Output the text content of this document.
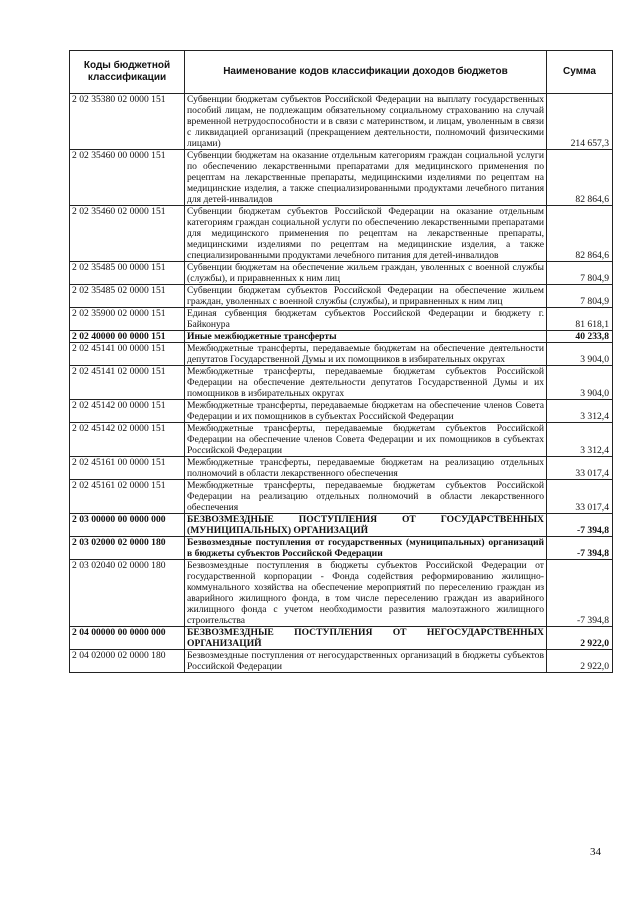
Коды бюджетной классификации	Наименование кодов классификации доходов бюджетов	Сумма
2 02 35380 02 0000 151	Субвенции бюджетам субъектов Российской Федерации на выплату государственных пособий лицам, не подлежащим обязательному социальному страхованию на случай временной нетрудоспособности и в связи с материнством, и лицам, уволенным в связи с ликвидацией организаций (прекращением деятельности, полномочий физическими лицами)	214 657,3
2 02 35460 00 0000 151	Субвенции бюджетам на оказание отдельным категориям граждан социальной услуги по обеспечению лекарственными препаратами для медицинского применения по рецептам на лекарственные препараты, медицинскими изделиями по рецептам на медицинские изделия, а также специализированными продуктами лечебного питания для детей-инвалидов	82 864,6
2 02 35460 02 0000 151	Субвенции бюджетам субъектов Российской Федерации на оказание отдельным категориям граждан социальной услуги по обеспечению лекарственными препаратами для медицинского применения по рецептам на лекарственные препараты, медицинскими изделиями по рецептам на медицинские изделия, а также специализированными продуктами лечебного питания для детей-инвалидов	82 864,6
2 02 35485 00 0000 151	Субвенции бюджетам на обеспечение жильем граждан, уволенных с военной службы (службы), и приравненных к ним лиц	7 804,9
2 02 35485 02 0000 151	Субвенции бюджетам субъектов Российской Федерации на обеспечение жильем граждан, уволенных с военной службы (службы), и приравненных к ним лиц	7 804,9
2 02 35900 02 0000 151	Единая субвенция бюджетам субъектов Российской Федерации и бюджету г. Байконура	81 618,1
2 02 40000 00 0000 151	Иные межбюджетные трансферты	40 233,8
2 02 45141 00 0000 151	Межбюджетные трансферты, передаваемые бюджетам на обеспечение деятельности депутатов Государственной Думы и их помощников в избирательных округах	3 904,0
2 02 45141 02 0000 151	Межбюджетные трансферты, передаваемые бюджетам субъектов Российской Федерации на обеспечение деятельности депутатов Государственной Думы и их помощников в избирательных округах	3 904,0
2 02 45142 00 0000 151	Межбюджетные трансферты, передаваемые бюджетам на обеспечение членов Совета Федерации и их помощников в субъектах Российской Федерации	3 312,4
2 02 45142 02 0000 151	Межбюджетные трансферты, передаваемые бюджетам субъектов Российской Федерации на обеспечение членов Совета Федерации и их помощников в субъектах Российской Федерации	3 312,4
2 02 45161 00 0000 151	Межбюджетные трансферты, передаваемые бюджетам на реализацию отдельных полномочий в области лекарственного обеспечения	33 017,4
2 02 45161 02 0000 151	Межбюджетные трансферты, передаваемые бюджетам субъектов Российской Федерации на реализацию отдельных полномочий в области лекарственного обеспечения	33 017,4
2 03 00000 00 0000 000	БЕЗВОЗМЕЗДНЫЕ ПОСТУПЛЕНИЯ ОТ ГОСУДАРСТВЕННЫХ (МУНИЦИПАЛЬНЫХ) ОРГАНИЗАЦИЙ	-7 394,8
2 03 02000 02 0000 180	Безвозмездные поступления от государственных (муниципальных) организаций в бюджеты субъектов Российской Федерации	-7 394,8
2 03 02040 02 0000 180	Безвозмездные поступления в бюджеты субъектов Российской Федерации от государственной корпорации - Фонда содействия реформированию жилищно-коммунального хозяйства на обеспечение мероприятий по переселению граждан из аварийного жилищного фонда, в том числе переселению граждан из аварийного жилищного фонда с учетом необходимости развития малоэтажного жилищного строительства	-7 394,8
2 04 00000 00 0000 000	БЕЗВОЗМЕЗДНЫЕ ПОСТУПЛЕНИЯ ОТ НЕГОСУДАРСТВЕННЫХ ОРГАНИЗАЦИЙ	2 922,0
2 04 02000 02 0000 180	Безвозмездные поступления от негосударственных организаций в бюджеты субъектов Российской Федерации	2 922,0
34
